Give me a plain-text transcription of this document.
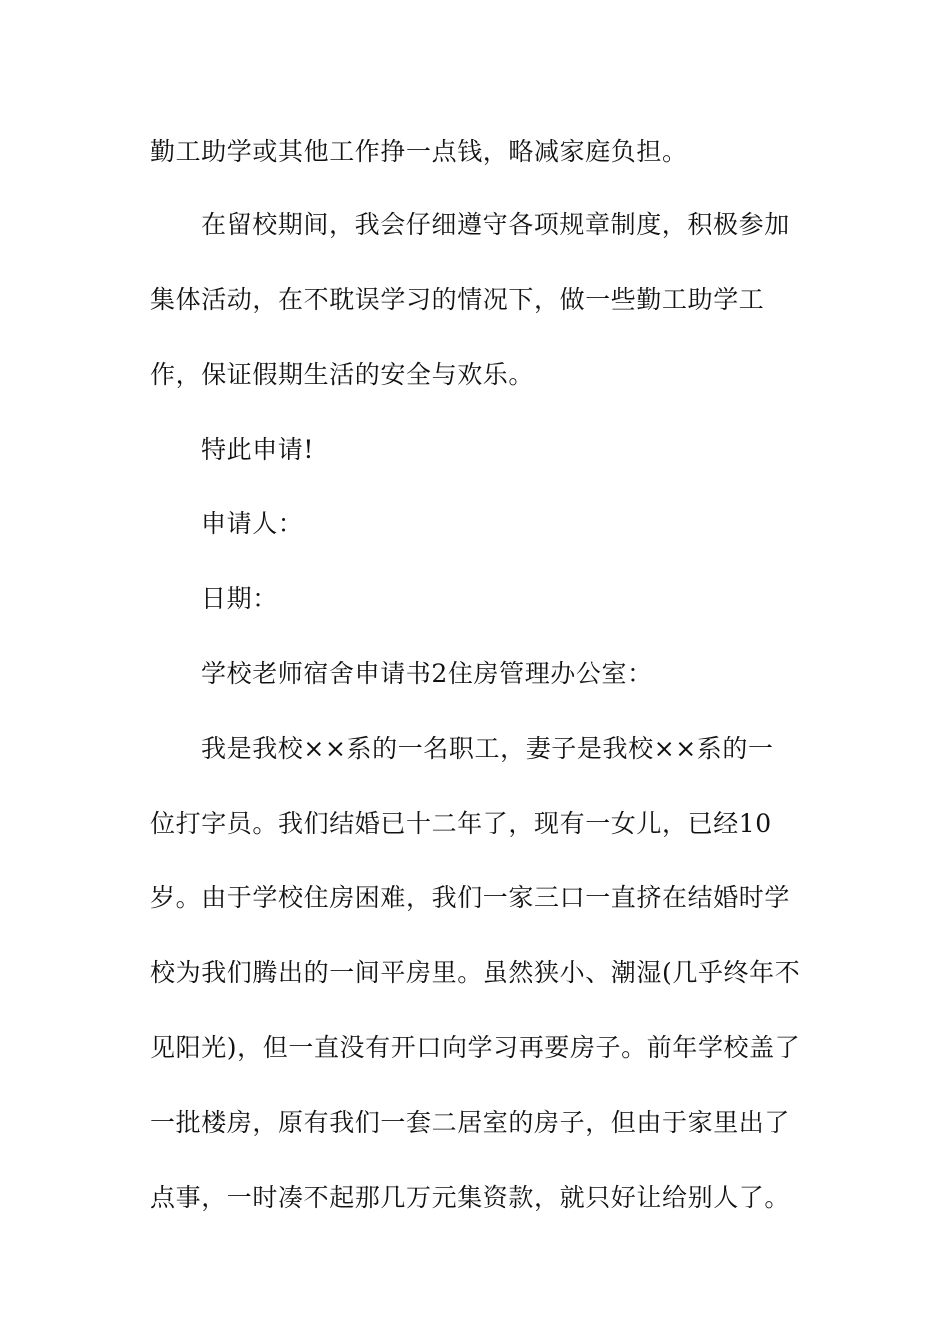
勤工助学或其他工作挣一点钱，略减家庭负担。
在留校期间，我会仔细遵守各项规章制度，积极参加
集体活动，在不耽误学习的情况下，做一些勤工助学工
作，保证假期生活的安全与欢乐。
特此申请!
申请人：
日期：
学校老师宿舍申请书2住房管理办公室：
我是我校××系的一名职工，妻子是我校××系的一
位打字员。我们结婚已十二年了，现有一女儿，已经10
岁。由于学校住房困难，我们一家三口一直挤在结婚时学
校为我们腾出的一间平房里。虽然狭小、潮湿(几乎终年不
见阳光)，但一直没有开口向学习再要房子。前年学校盖了
一批楼房，原有我们一套二居室的房子，但由于家里出了
点事，一时凑不起那几万元集资款，就只好让给别人了。
